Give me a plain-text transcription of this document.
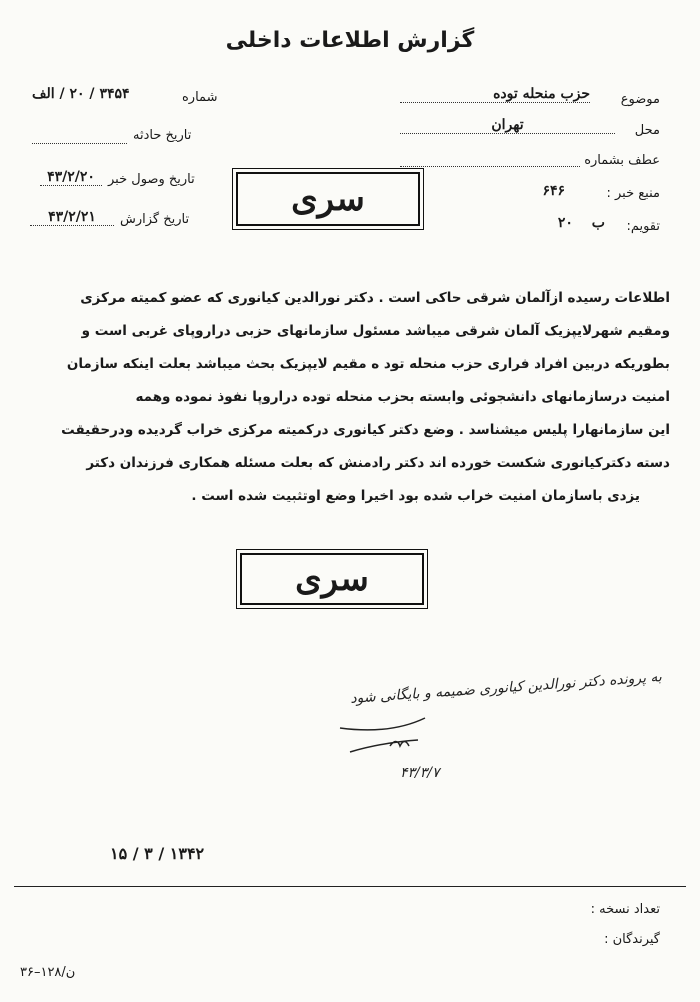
گزارش اطلاعات داخلی
موضوع
حزب منحله توده
محل
تهران
عطف بشماره
منبع خبر :
۶۴۶
تقویم:
ب ۲۰
شماره
۳۴۵۴ / ۲۰ / الف
تاریخ حادثه
تاریخ وصول خبر
۴۳/۲/۲۰
تاریخ گزارش
۴۳/۲/۲۱	سری
اطلاعات رسیده ازآلمان شرقی حاکی است . دکتر نورالدین کیانوری که عضو کمیته مرکزی
ومقیم شهرلایپزیک آلمان شرقی میباشد مسئول سازمانهای حزبی دراروپای غربی است و
بطوریکه دربین افراد فراری حزب منحله تود ه مقیم لایپزیک بحث میباشد بعلت اینکه سازمان
امنیت درسازمانهای دانشجوئی وابسته بحزب منحله توده دراروپا نفوذ نموده وهمه
این سازمانهارا پلیس میشناسد . وضع دکتر کیانوری درکمیته مرکزی خراب گردیده ودرحقیقت
دسته دکترکیانوری شکست خورده اند دکتر رادمنش که بعلت مسئله همکاری فرزندان دکتر
یزدی باسازمان امنیت خراب شده بود اخیرا وضع اوتثبیت شده است .
سری
به پرونده دکتر نورالدین کیانوری ضمیمه و بایگانی شود
۴۳/۳/۷
۱۳۴۲ / ۳ / ۱۵
تعداد نسخه :
گیرندگان :
ن/۱۲۸–۳۶
